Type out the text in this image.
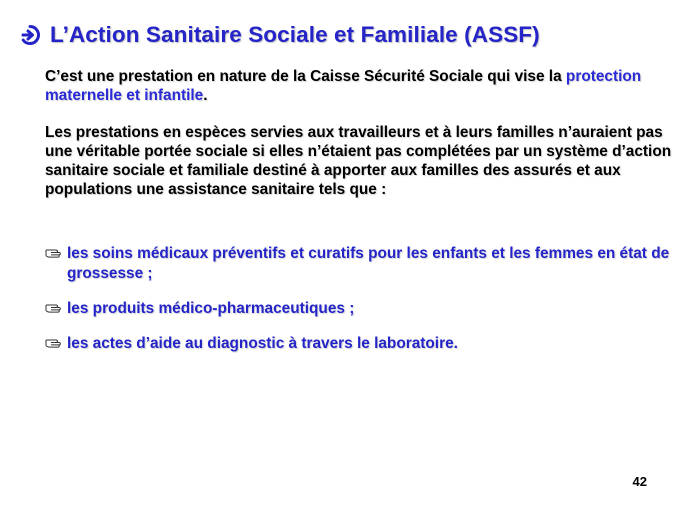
L’Action Sanitaire Sociale et Familiale (ASSF)
C’est une prestation en nature de la Caisse Sécurité Sociale qui vise la protection maternelle et infantile.
Les prestations en espèces servies aux travailleurs et à leurs familles n’auraient pas une véritable portée sociale si elles n’étaient pas complétées par un système d’action sanitaire sociale et familiale destiné à apporter aux familles des assurés et aux populations une assistance sanitaire tels que :
les soins médicaux préventifs et curatifs pour les enfants et les femmes en état de grossesse ;
les produits médico-pharmaceutiques ;
les actes d’aide au diagnostic à travers le laboratoire.
42
